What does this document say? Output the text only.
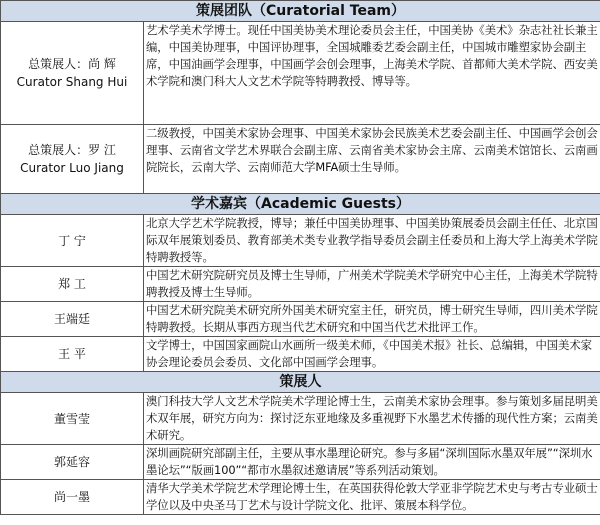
策展团队（Curatorial Team）	

总策展人：尚 辉
Curator Shang Hui	艺术学美术学博士。现任中国美协美术理论委员会主任，中国美协《美术》杂志社社长兼主编，中国美协理事，中国评协理事，全国城雕委艺委会副主任，中国城市雕塑家协会副主席，中国油画学会理事，中国画学会创会理事，上海美术学院、首都师大美术学院、西安美术学院和澳门科大人文艺术学院等特聘教授、博导等。

总策展人：罗 江
Curator Luo Jiang	二级教授，中国美术家协会理事、中国美术家协会民族美术艺委会副主任、中国画学会创会理事、云南省文学艺术界联合会副主席、云南省美术家协会主席、云南美术馆馆长、云南画院院长，云南大学、云南师范大学MFA硕士生导师。
学术嘉宾（Academic Guests）	
丁 宁	北京大学艺术学院教授，博导；兼任中国美协理事、中国美协策展委员会副主任任、北京国际双年展策划委员、教育部美术类专业教学指导委员会副主任委员和上海大学上海美术学院特聘教授等。
郑 工	中国艺术研究院研究员及博士生导师，广州美术学院美术学研究中心主任，上海美术学院特聘教授及博士生导师。
王端廷	中国艺术研究院美术研究所外国美术研究室主任，研究员，博士研究生导师，四川美术学院特聘教授。长期从事西方现当代艺术研究和中国当代艺术批评工作。
王 平	文学博士，中国国家画院山水画所一级美术师，《中国美术报》社长、总编辑，中国美术家协会理论委员会委员、文化部中国画学会理事。
策展人	
董雪莹	澳门科技大学人文艺术学院美术学理论博士生，云南美术家协会理事。参与策划多届昆明美术双年展，研究方向为：探讨泛东亚地缘及多重视野下水墨艺术传播的现代性方案；云南美术研究。
郭延容	深圳画院研究部副主任，主要从事水墨理论研究。参与多届“深圳国际水墨双年展”“深圳水墨论坛”“版画100”“都市水墨叙述邀请展”等系列活动策划。
尚一墨	清华大学美术学院艺术学理论博士生，在英国获得伦敦大学亚非学院艺术史与考古专业硕士学位以及中央圣马丁艺术与设计学院文化、批评、策展本科学位。
